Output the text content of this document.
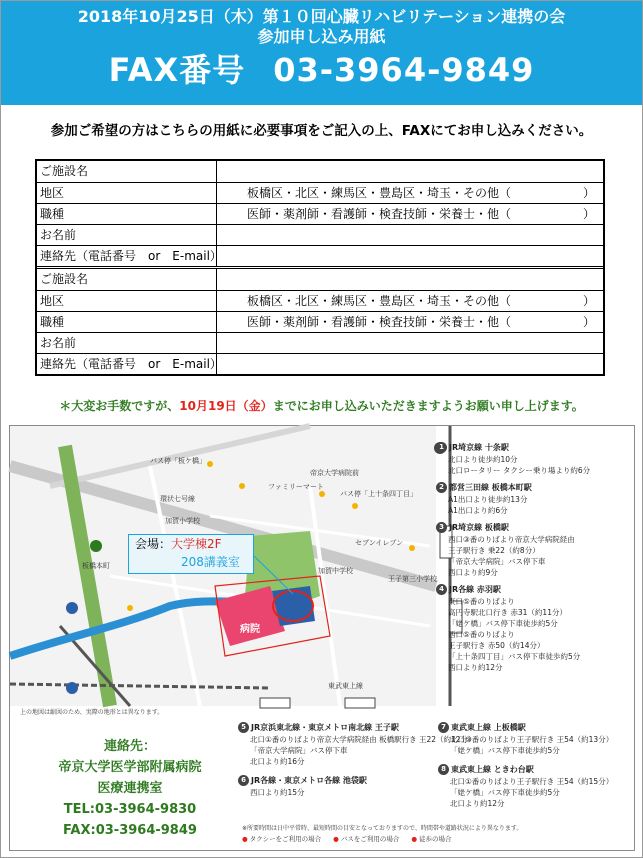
2018年10月25日（木）第１０回心臓リハビリテーション連携の会
参加申し込み用紙
FAX番号 03-3964-9849
参加ご希望の方はこちらの用紙に必要事項をご記入の上、FAXにてお申し込みください。
ご施設名
地区	板橋区・北区・練馬区・豊島区・埼玉・その他（　　　　　　）
職種	医師・薬剤師・看護師・検査技師・栄養士・他（　　　　　　）
お名前
連絡先（電話番号　or　E-mail）
ご施設名
地区	板橋区・北区・練馬区・豊島区・埼玉・その他（　　　　　　）
職種	医師・薬剤師・看護師・検査技師・栄養士・他（　　　　　　）
お名前
連絡先（電話番号　or　E-mail）
＊大変お手数ですが、10月19日（金）までにお申し込みいただきますようお願い申し上げます。
バス停「板ケ橋」
帝京大学病院前
ファミリーマート
バス停「上十条四丁目」
環状七号線
加賀小学校
セブンイレブン
加賀中学校
王子第三小学校
板橋本町
東武東上線
会場：大学棟2F
208講義室
病院
上の地図は縮図のため、実際の地形とは異なります。
連絡先：
帝京大学医学部附属病院
医療連携室
TEL:03-3964-9830
FAX:03-3964-9849
1 JR埼京線 十条駅
北口より徒歩約10分
北口ロータリー タクシー乗り場より約6分
2 都営三田線 板橋本町駅
A1出口より徒歩約13分
A1出口より約6分
3 JR埼京線 板橋駅
西口③番のりばより帝京大学病院経由
王子駅行き 乗22（約8分）
「帝京大学病院」バス停下車
西口より約9分
4 JR各線 赤羽駅
東口⑤番のりばより
高円寺駅北口行き 赤31（約11分）
「姥ケ橋」バス停下車徒歩約5分
西口⑤番のりばより
王子駅行き 赤50（約14分）
「上十条四丁目」バス停下車徒歩約5分
西口より約12分
5 JR京浜東北線・東京メトロ南北線 王子駅
北口①番のりばより帝京大学病院経由 板橋駅行き 王22（約12分）
「帝京大学病院」バス停下車
北口より約16分
6 JR各線・東京メトロ各線 池袋駅
西口より約15分
7 東武東上線 上板橋駅
北口③番のりばより王子駅行き 王54（約13分）
「姥ケ橋」バス停下車徒歩約5分
8 東武東上線 ときわ台駅
北口①番のりばより王子駅行き 王54（約15分）
「姥ケ橋」バス停下車徒歩約5分
北口より約12分
※所要時間は日中平常時、最短時間の目安となっておりますので、時間帯や道路状況により異なります。
● タクシーをご利用の場合	● バスをご利用の場合	● 徒歩の場合
